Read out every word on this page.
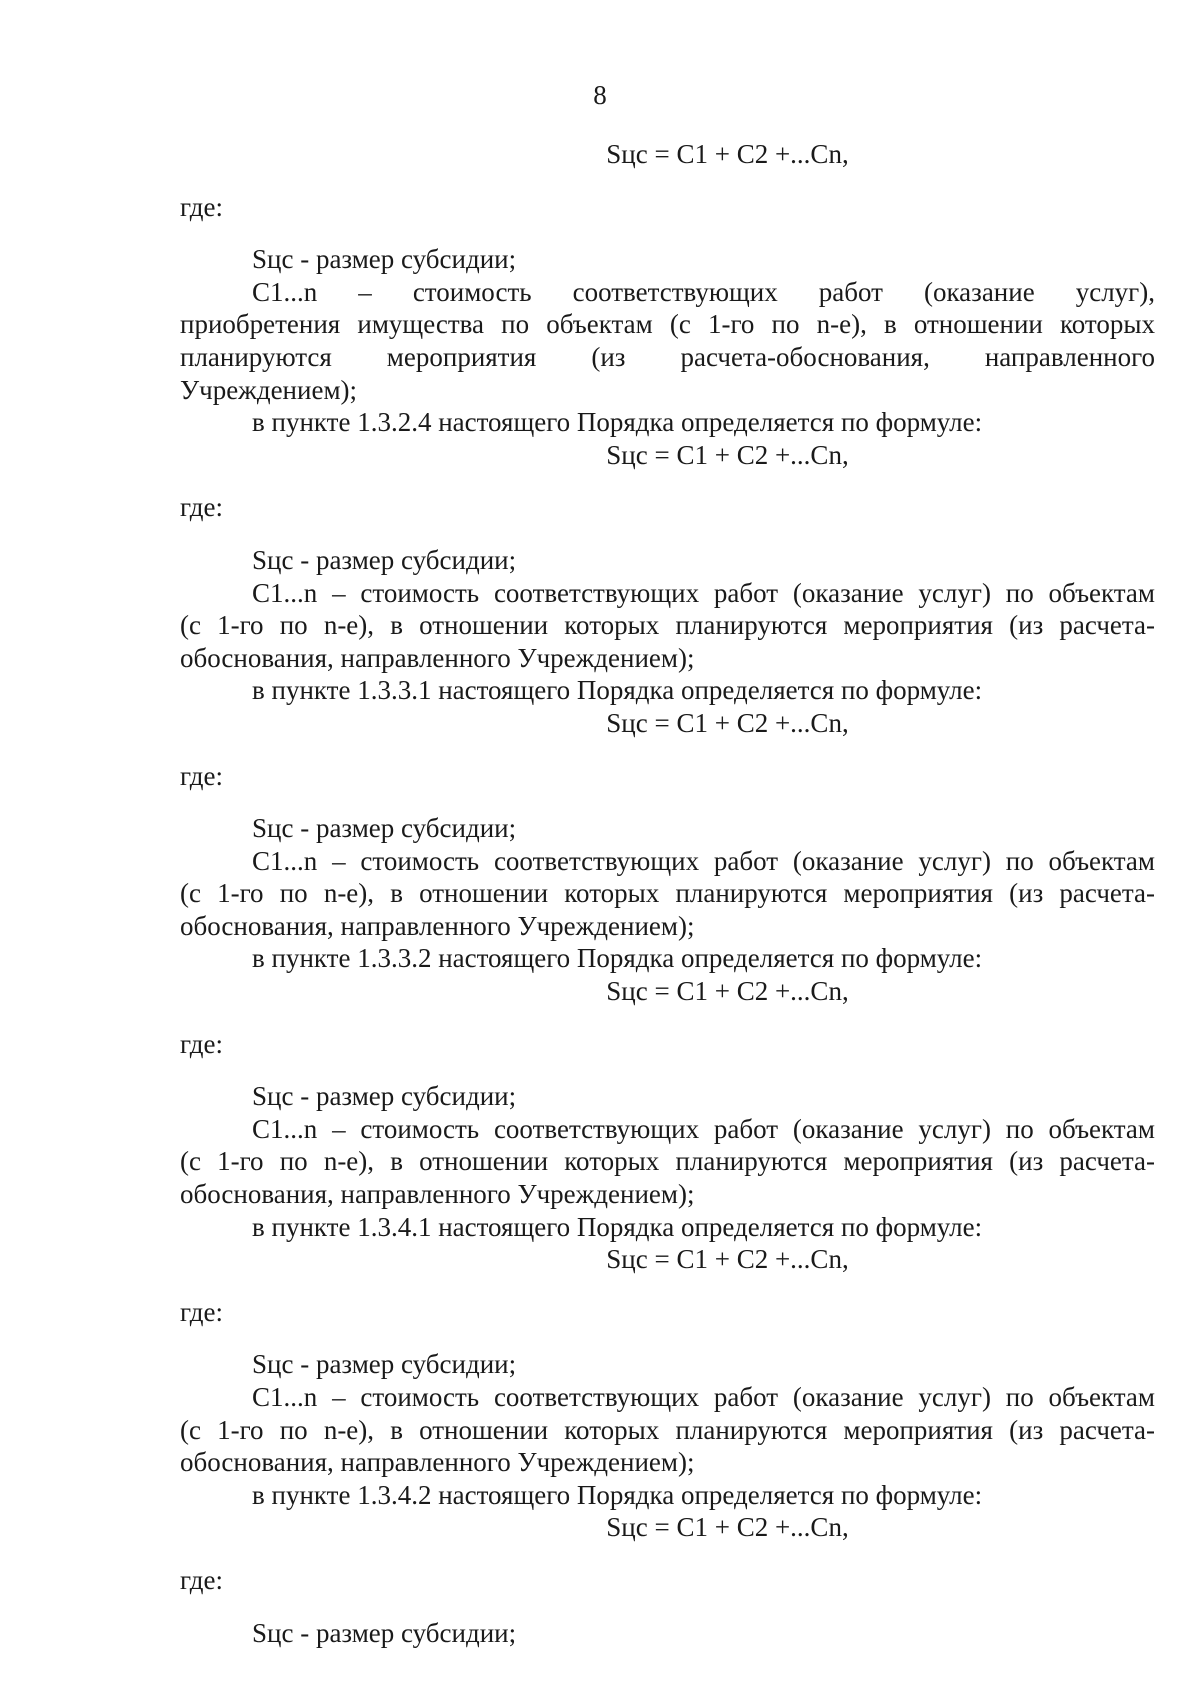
8

Sцс = С1 + С2 +...Сn,

где:

Sцс - размер субсидии;

С1...n – стоимость соответствующих работ (оказание услуг),

приобретения имущества по объектам (с 1-го по n-е), в отношении которых

планируются мероприятия (из расчета-обоснования, направленного

Учреждением);

в пункте 1.3.2.4 настоящего Порядка определяется по формуле:

Sцс = С1 + С2 +...Сn,

где:

Sцс - размер субсидии;

С1...n – стоимость соответствующих работ (оказание услуг) по объектам

(с 1-го по n-е), в отношении которых планируются мероприятия (из расчета-

обоснования, направленного Учреждением);

в пункте 1.3.3.1 настоящего Порядка определяется по формуле:

Sцс = С1 + С2 +...Сn,

где:

Sцс - размер субсидии;

С1...n – стоимость соответствующих работ (оказание услуг) по объектам

(с 1-го по n-е), в отношении которых планируются мероприятия (из расчета-

обоснования, направленного Учреждением);

в пункте 1.3.3.2 настоящего Порядка определяется по формуле:

Sцс = С1 + С2 +...Сn,

где:

Sцс - размер субсидии;

С1...n – стоимость соответствующих работ (оказание услуг) по объектам

(с 1-го по n-е), в отношении которых планируются мероприятия (из расчета-

обоснования, направленного Учреждением);

в пункте 1.3.4.1 настоящего Порядка определяется по формуле:

Sцс = С1 + С2 +...Сn,

где:

Sцс - размер субсидии;

С1...n – стоимость соответствующих работ (оказание услуг) по объектам

(с 1-го по n-е), в отношении которых планируются мероприятия (из расчета-

обоснования, направленного Учреждением);

в пункте 1.3.4.2 настоящего Порядка определяется по формуле:

Sцс = С1 + С2 +...Сn,

где:

Sцс - размер субсидии;
